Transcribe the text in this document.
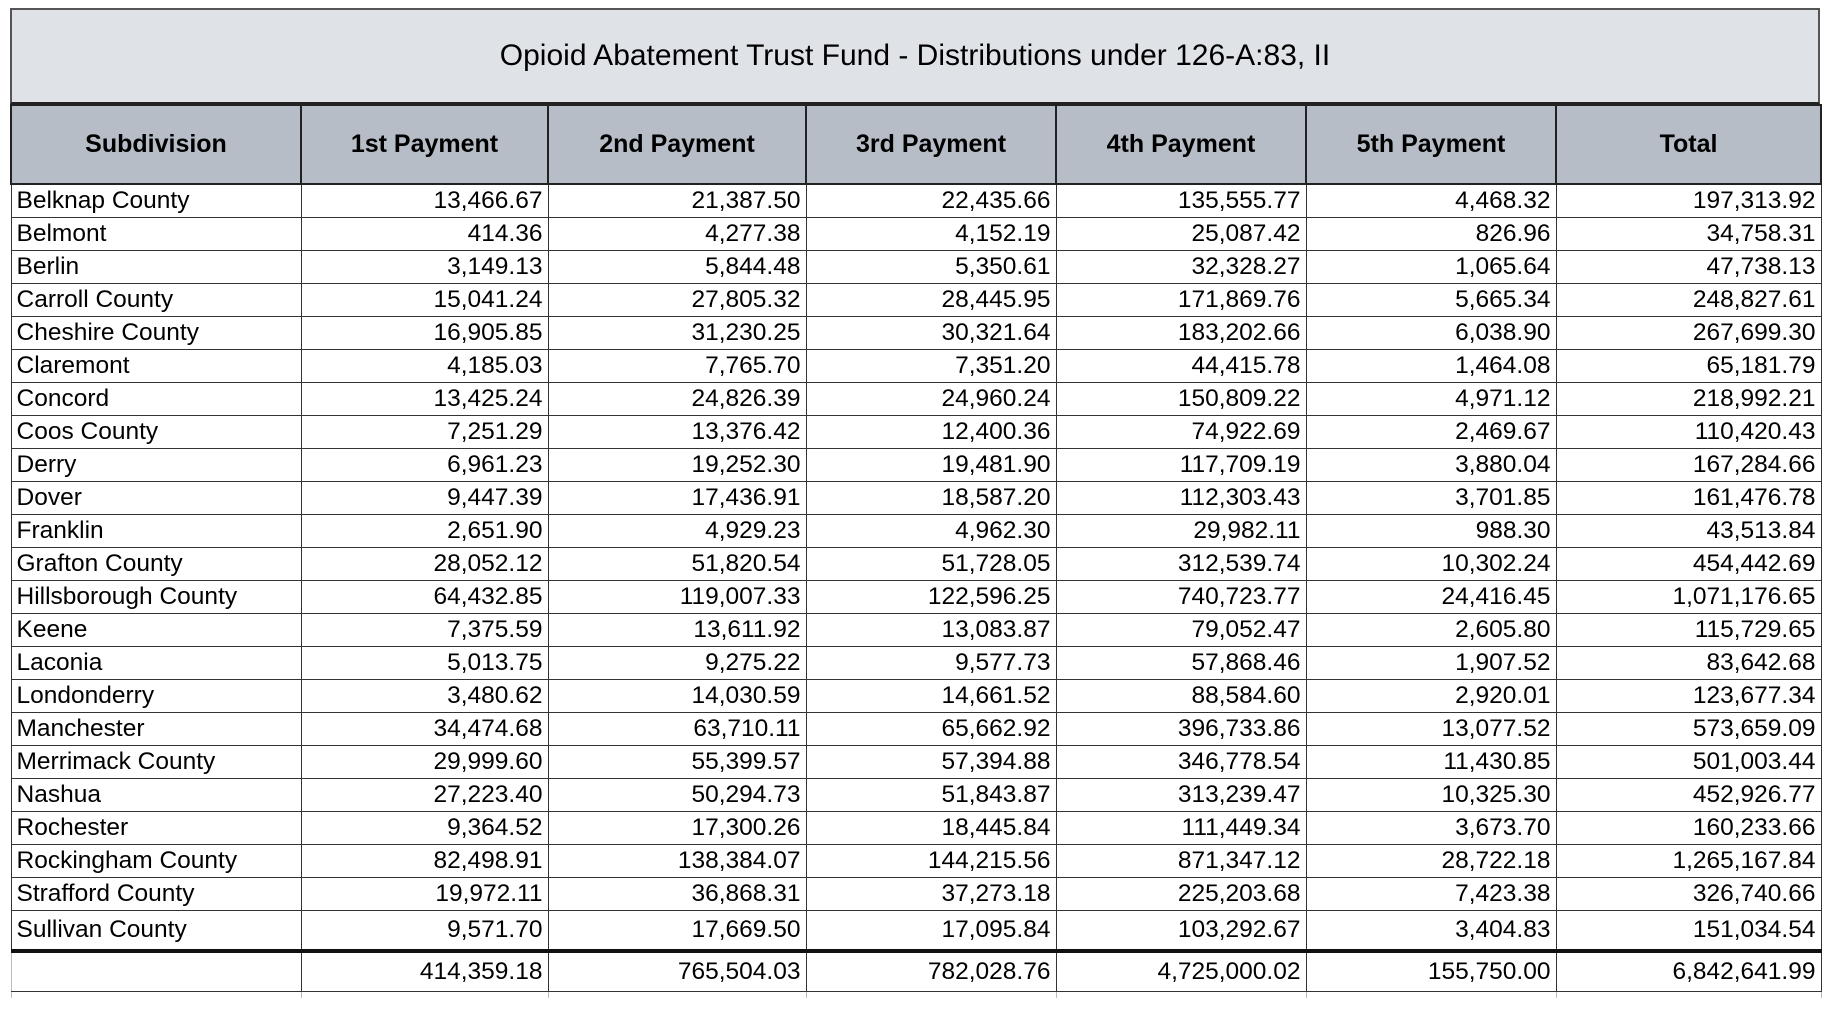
Opioid Abatement Trust Fund - Distributions under 126-A:83, II
Subdivision	1st Payment	2nd Payment	3rd Payment	4th Payment	5th Payment	Total
Belknap County	13,466.67	21,387.50	22,435.66	135,555.77	4,468.32	197,313.92
Belmont	414.36	4,277.38	4,152.19	25,087.42	826.96	34,758.31
Berlin	3,149.13	5,844.48	5,350.61	32,328.27	1,065.64	47,738.13
Carroll County	15,041.24	27,805.32	28,445.95	171,869.76	5,665.34	248,827.61
Cheshire County	16,905.85	31,230.25	30,321.64	183,202.66	6,038.90	267,699.30
Claremont	4,185.03	7,765.70	7,351.20	44,415.78	1,464.08	65,181.79
Concord	13,425.24	24,826.39	24,960.24	150,809.22	4,971.12	218,992.21
Coos County	7,251.29	13,376.42	12,400.36	74,922.69	2,469.67	110,420.43
Derry	6,961.23	19,252.30	19,481.90	117,709.19	3,880.04	167,284.66
Dover	9,447.39	17,436.91	18,587.20	112,303.43	3,701.85	161,476.78
Franklin	2,651.90	4,929.23	4,962.30	29,982.11	988.30	43,513.84
Grafton County	28,052.12	51,820.54	51,728.05	312,539.74	10,302.24	454,442.69
Hillsborough County	64,432.85	119,007.33	122,596.25	740,723.77	24,416.45	1,071,176.65
Keene	7,375.59	13,611.92	13,083.87	79,052.47	2,605.80	115,729.65
Laconia	5,013.75	9,275.22	9,577.73	57,868.46	1,907.52	83,642.68
Londonderry	3,480.62	14,030.59	14,661.52	88,584.60	2,920.01	123,677.34
Manchester	34,474.68	63,710.11	65,662.92	396,733.86	13,077.52	573,659.09
Merrimack County	29,999.60	55,399.57	57,394.88	346,778.54	11,430.85	501,003.44
Nashua	27,223.40	50,294.73	51,843.87	313,239.47	10,325.30	452,926.77
Rochester	9,364.52	17,300.26	18,445.84	111,449.34	3,673.70	160,233.66
Rockingham County	82,498.91	138,384.07	144,215.56	871,347.12	28,722.18	1,265,167.84
Strafford County	19,972.11	36,868.31	37,273.18	225,203.68	7,423.38	326,740.66
Sullivan County	9,571.70	17,669.50	17,095.84	103,292.67	3,404.83	151,034.54
	414,359.18	765,504.03	782,028.76	4,725,000.02	155,750.00	6,842,641.99
